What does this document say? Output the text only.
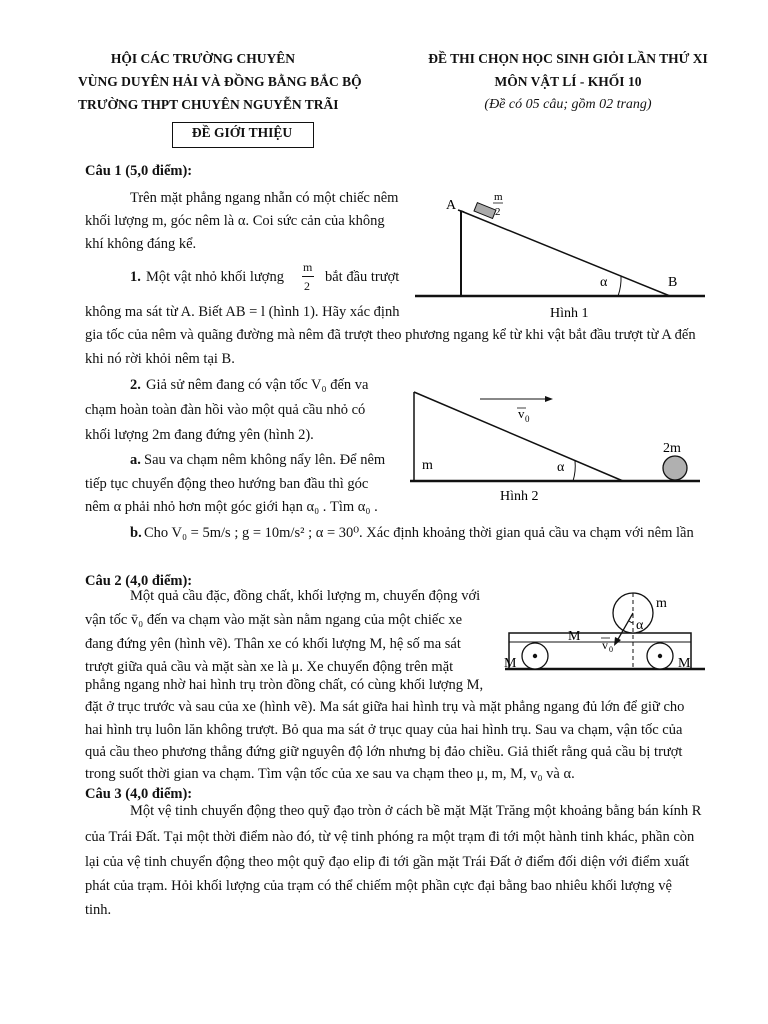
HỘI CÁC TRƯỜNG CHUYÊN
VÙNG DUYÊN HẢI VÀ ĐỒNG BẰNG BẮC BỘ
TRƯỜNG THPT CHUYÊN NGUYỄN TRÃI
ĐỀ GIỚI THIỆU
ĐỀ THI CHỌN HỌC SINH GIỎI LẦN THỨ XI
MÔN VẬT LÍ - KHỐI 10
(Đề có 05 câu; gồm 02 trang)
Câu 1 (5,0 điểm):
Trên mặt phẳng ngang nhẵn có một chiếc nêm
khối lượng m, góc nêm là α. Coi sức cản của không
khí không đáng kể.
1. Một vật nhỏ khối lượng
m
2
bắt đầu trượt
không ma sát từ A. Biết AB = l (hình 1). Hãy xác định
gia tốc của nêm và quãng đường mà nêm đã trượt theo phương ngang kể từ khi vật bắt đầu trượt từ A đến
khi nó rời khỏi nêm tại B.
2. Giả sử nêm đang có vận tốc V₀ đến va
chạm hoàn toàn đàn hồi vào một quả cầu nhỏ có
khối lượng 2m đang đứng yên (hình 2).
a. Sau va chạm nêm không nẩy lên. Để nêm
tiếp tục chuyển động theo hướng ban đầu thì góc
nêm α phải nhỏ hơn một góc giới hạn α₀ . Tìm α₀ .
b. Cho V₀ = 5m/s ; g = 10m/s² ; α = 30⁰. Xác định khoảng thời gian quả cầu va chạm với nêm lần
A
B
α
m
2
Hình 1
m
2m
α
v 0
Hình 2
Câu 2 (4,0 điểm):
Một quả cầu đặc, đồng chất, khối lượng m, chuyển động với
vận tốc v̄₀ đến va chạm vào mặt sàn nằm ngang của một chiếc xe
đang đứng yên (hình vẽ). Thân xe có khối lượng M, hệ số ma sát
trượt giữa quả cầu và mặt sàn xe là μ. Xe chuyển động trên mặt
phẳng ngang nhờ hai hình trụ tròn đồng chất, có cùng khối lượng M,
đặt ở trục trước và sau của xe (hình vẽ). Ma sát giữa hai hình trụ và mặt phẳng ngang đủ lớn để giữ cho
hai hình trụ luôn lăn không trượt. Bỏ qua ma sát ở trục quay của hai hình trụ. Sau va chạm, vận tốc của
quả cầu theo phương thẳng đứng giữ nguyên độ lớn nhưng bị đảo chiều. Giả thiết rằng quả cầu bị trượt
trong suốt thời gian va chạm. Tìm vận tốc của xe sau va chạm theo μ, m, M, v₀ và α.
m
α
M
M	M
v 0
Câu 3 (4,0 điểm):
Một vệ tinh chuyển động theo quỹ đạo tròn ở cách bề mặt Mặt Trăng một khoảng bằng bán kính R
của Trái Đất. Tại một thời điểm nào đó, từ vệ tinh phóng ra một trạm đi tới một hành tinh khác, phần còn
lại của vệ tinh chuyển động theo một quỹ đạo elip đi tới gần mặt Trái Đất ở điểm đối diện với điểm xuất
phát của trạm. Hỏi khối lượng của trạm có thể chiếm một phần cực đại bằng bao nhiêu khối lượng vệ
tinh.
